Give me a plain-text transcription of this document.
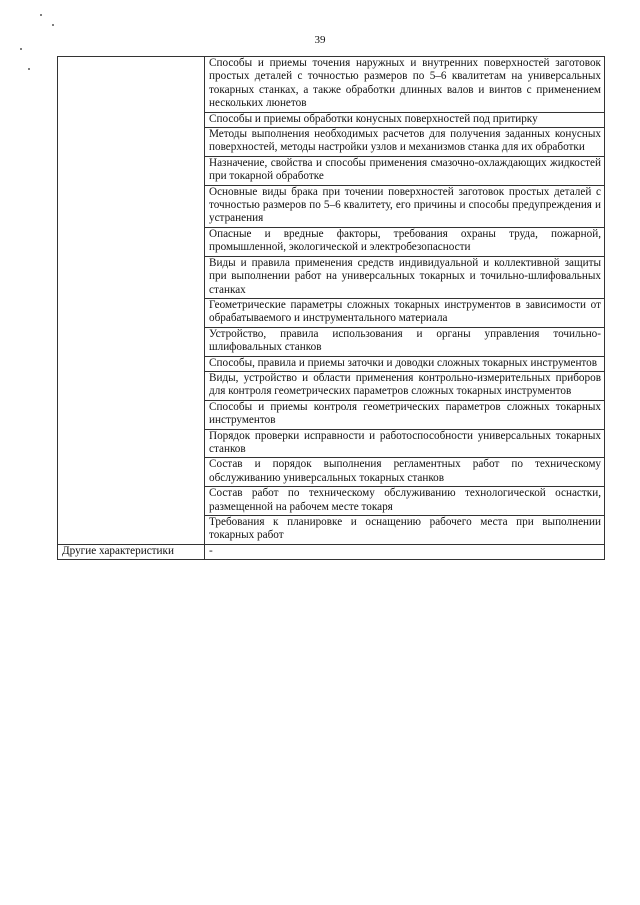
39
	Способы и приемы точения наружных и внутренних поверхностей заготовок простых деталей с точностью размеров по 5–6 квалитетам на универсальных токарных станках, а также обработки длинных валов и винтов с применением нескольких люнетов
	Способы и приемы обработки конусных поверхностей под притирку
	Методы выполнения необходимых расчетов для получения заданных конусных поверхностей, методы настройки узлов и механизмов станка для их обработки
	Назначение, свойства и способы применения смазочно-охлаждающих жидкостей при токарной обработке
	Основные виды брака при точении поверхностей заготовок простых деталей с точностью размеров по 5–6 квалитету, его причины и способы предупреждения и устранения
	Опасные и вредные факторы, требования охраны труда, пожарной, промышленной, экологической и электробезопасности
	Виды и правила применения средств индивидуальной и коллективной защиты при выполнении работ на универсальных токарных и точильно-шлифовальных станках
	Геометрические параметры сложных токарных инструментов в зависимости от обрабатываемого и инструментального материала
	Устройство, правила использования и органы управления точильно-шлифовальных станков
	Способы, правила и приемы заточки и доводки сложных токарных инструментов
	Виды, устройство и области применения контрольно-измерительных приборов для контроля геометрических параметров сложных токарных инструментов
	Способы и приемы контроля геометрических параметров сложных токарных инструментов
	Порядок проверки исправности и работоспособности универсальных токарных станков
	Состав и порядок выполнения регламентных работ по техническому обслуживанию универсальных токарных станков
	Состав работ по техническому обслуживанию технологической оснастки, размещенной на рабочем месте токаря
	Требования к планировке и оснащению рабочего места при выполнении токарных работ
Другие характеристики	-
